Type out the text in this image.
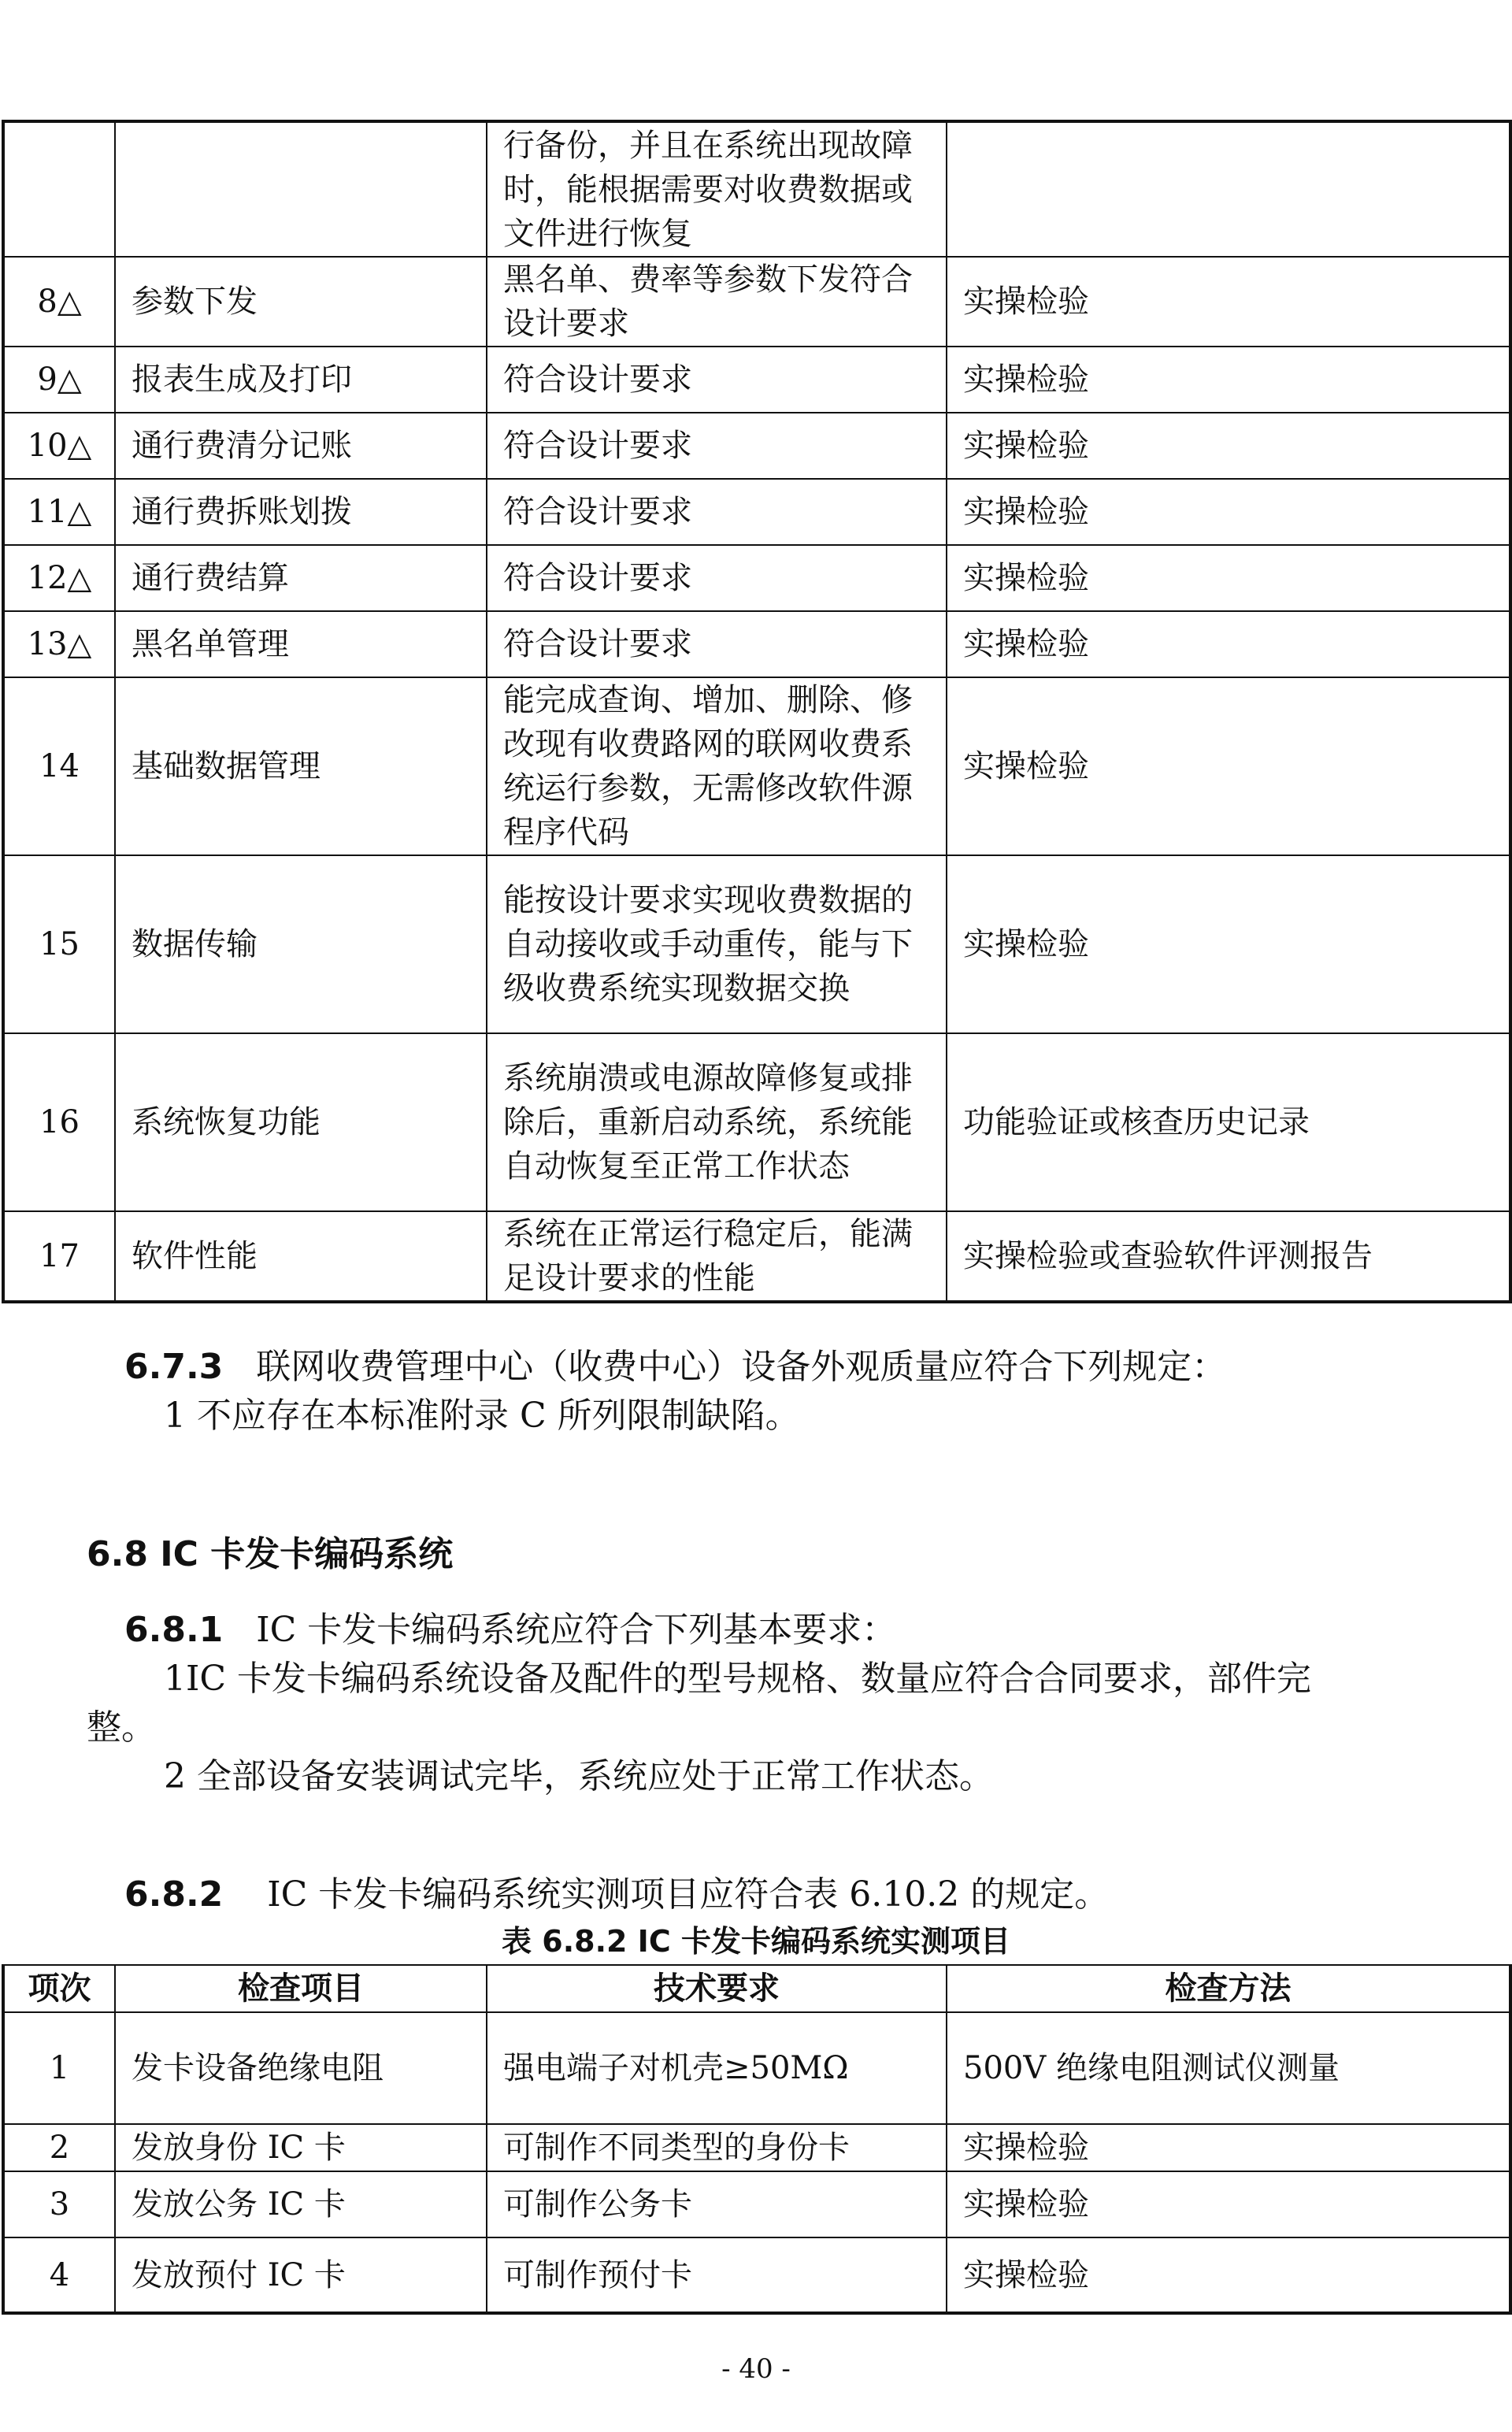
		行备份，并且在系统出现故障时，能根据需要对收费数据或文件进行恢复	
8△	参数下发	黑名单、费率等参数下发符合设计要求	实操检验
9△	报表生成及打印	符合设计要求	实操检验
10△	通行费清分记账	符合设计要求	实操检验
11△	通行费拆账划拨	符合设计要求	实操检验
12△	通行费结算	符合设计要求	实操检验
13△	黑名单管理	符合设计要求	实操检验
14	基础数据管理	能完成查询、增加、删除、修改现有收费路网的联网收费系统运行参数，无需修改软件源程序代码	实操检验
15	数据传输	能按设计要求实现收费数据的自动接收或手动重传，能与下级收费系统实现数据交换	实操检验
16	系统恢复功能	系统崩溃或电源故障修复或排除后，重新启动系统，系统能自动恢复至正常工作状态	功能验证或核查历史记录
17	软件性能	系统在正常运行稳定后，能满足设计要求的性能	实操检验或查验软件评测报告
6.7.3 联网收费管理中心（收费中心）设备外观质量应符合下列规定：
1 不应存在本标准附录 C 所列限制缺陷。
6.8 IC 卡发卡编码系统
6.8.1 IC 卡发卡编码系统应符合下列基本要求：
1IC 卡发卡编码系统设备及配件的型号规格、数量应符合合同要求，部件完
整。
2 全部设备安装调试完毕，系统应处于正常工作状态。
6.8.2 IC 卡发卡编码系统实测项目应符合表 6.10.2 的规定。
表 6.8.2 IC 卡发卡编码系统实测项目
项次	检查项目	技术要求	检查方法
1	发卡设备绝缘电阻	强电端子对机壳≥50MΩ	500V 绝缘电阻测试仪测量
2	发放身份 IC 卡	可制作不同类型的身份卡	实操检验
3	发放公务 IC 卡	可制作公务卡	实操检验
4	发放预付 IC 卡	可制作预付卡	实操检验
- 40 -
